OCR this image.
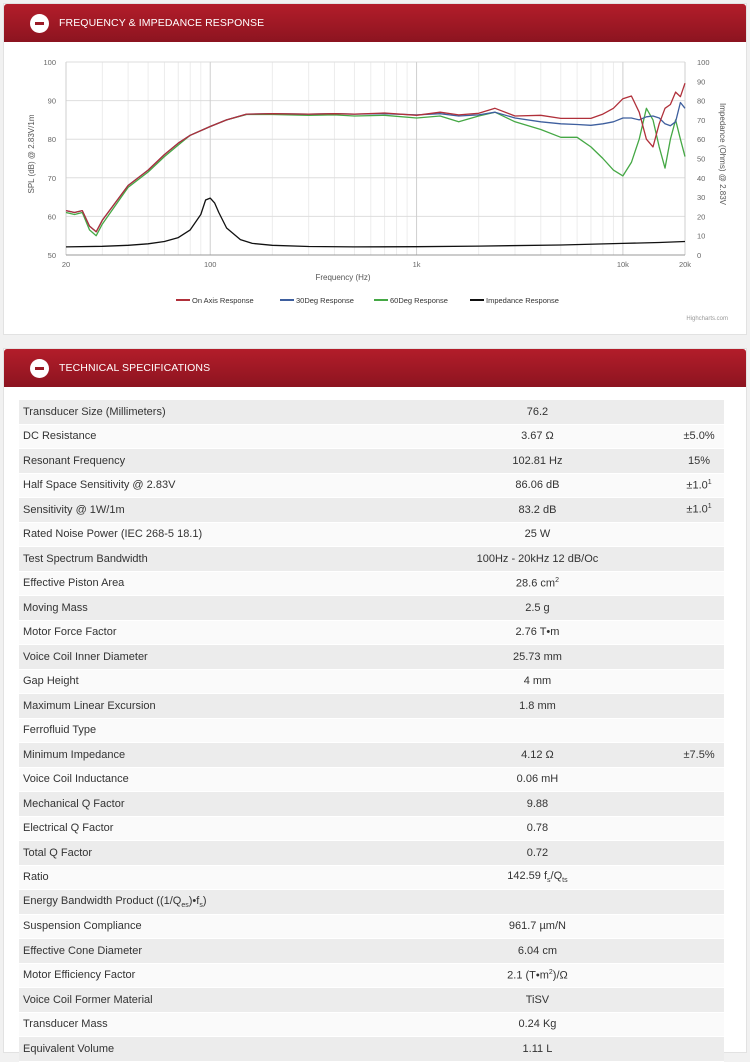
FREQUENCY & IMPEDANCE RESPONSE
50
60
70
80
90
100
0
10
20
30
40
50
60
70
80
90
100
20	100	1k	10k	20k
Frequency (Hz)
SPL (dB) @ 2.83V/1m	Impedance (Ohms) @ 2.83V
On Axis Response	30Deg Response	60Deg Response	Impedance Response
Highcharts.com
TECHNICAL SPECIFICATIONS
Transducer Size (Millimeters)	76.2	
DC Resistance	3.67 Ω	±5.0%
Resonant Frequency	102.81 Hz	15%
Half Space Sensitivity @ 2.83V	86.06 dB	$\pm 1.0^1$
Sensitivity @ 1W/1m	83.2 dB	$\pm 1.0^1$
Rated Noise Power (IEC 268-5 18.1)	25 W	
Test Spectrum Bandwidth	100Hz - 20kHz 12 dB/Oc	
Effective Piston Area	28.6 $cm^2$	
Moving Mass	2.5 g	
Motor Force Factor	2.76 T•m	
Voice Coil Inner Diameter	25.73 mm	
Gap Height	4 mm	
Maximum Linear Excursion	1.8 mm	
Ferrofluid Type		
Minimum Impedance	4.12 Ω	±7.5%
Voice Coil Inductance	0.06 mH	
Mechanical Q Factor	9.88	
Electrical Q Factor	0.78	
Total Q Factor	0.72	
Ratio	142.59 $f_s/Q_{ts}$	
Energy Bandwidth Product $((1/Q_{es})•f_s)$		
Suspension Compliance	961.7 µm/N	
Effective Cone Diameter	6.04 cm	
Motor Efficiency Factor	2.1 $(T•m^2)/\Omega$	
Voice Coil Former Material	TiSV	
Transducer Mass	0.24 Kg	
Equivalent Volume	1.11 L	
